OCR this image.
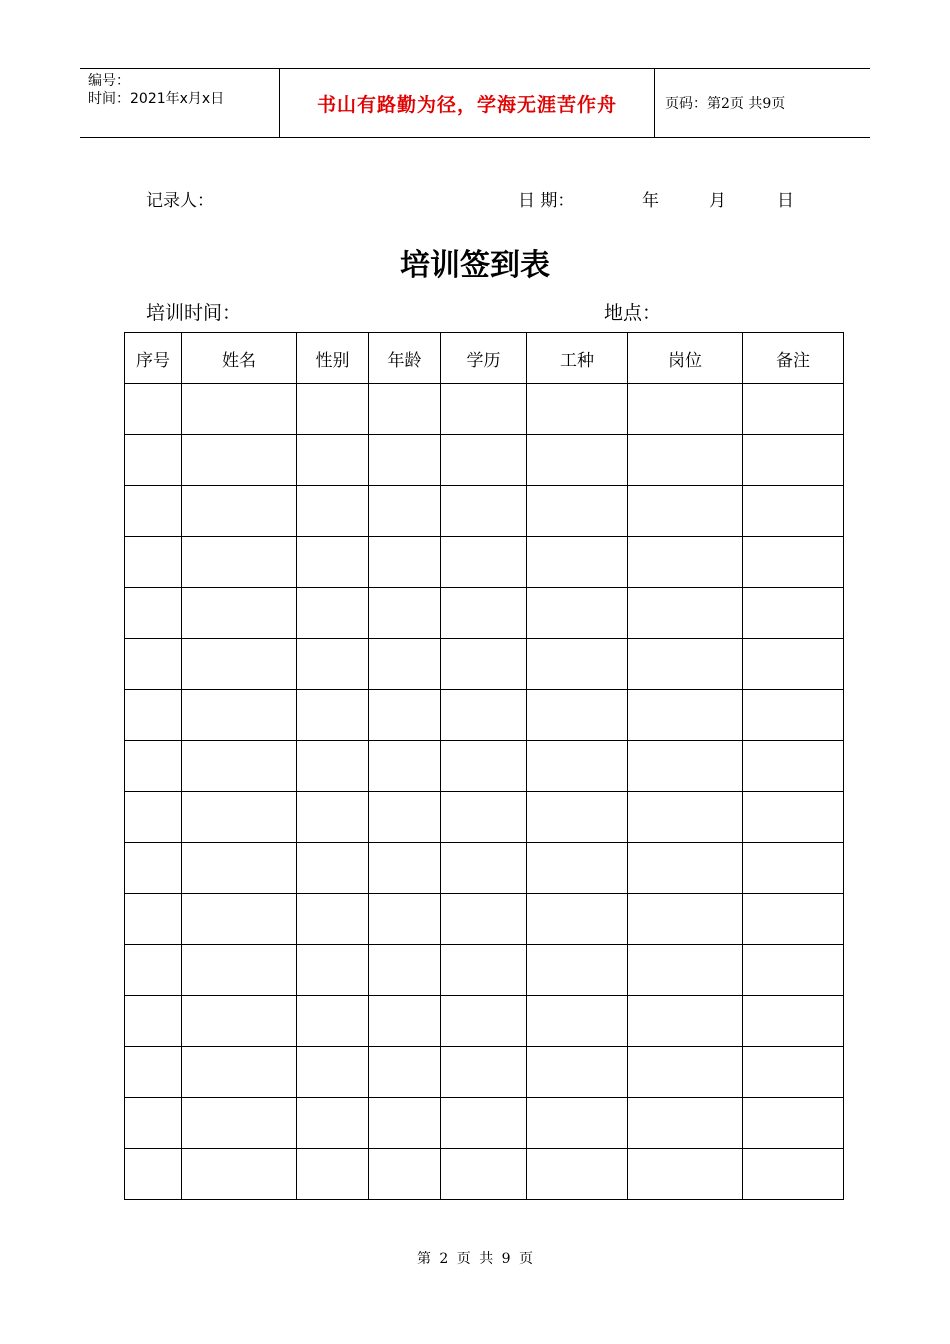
编号：
时间：2021年x月x日	书山有路勤为径，学海无涯苦作舟	页码：第2页 共9页
记录人：	日 期：	年	月	日
培训签到表
培训时间：	地点：
序号	姓名	性别	年龄	学历	工种	岗位	备注

第 2 页 共 9 页
